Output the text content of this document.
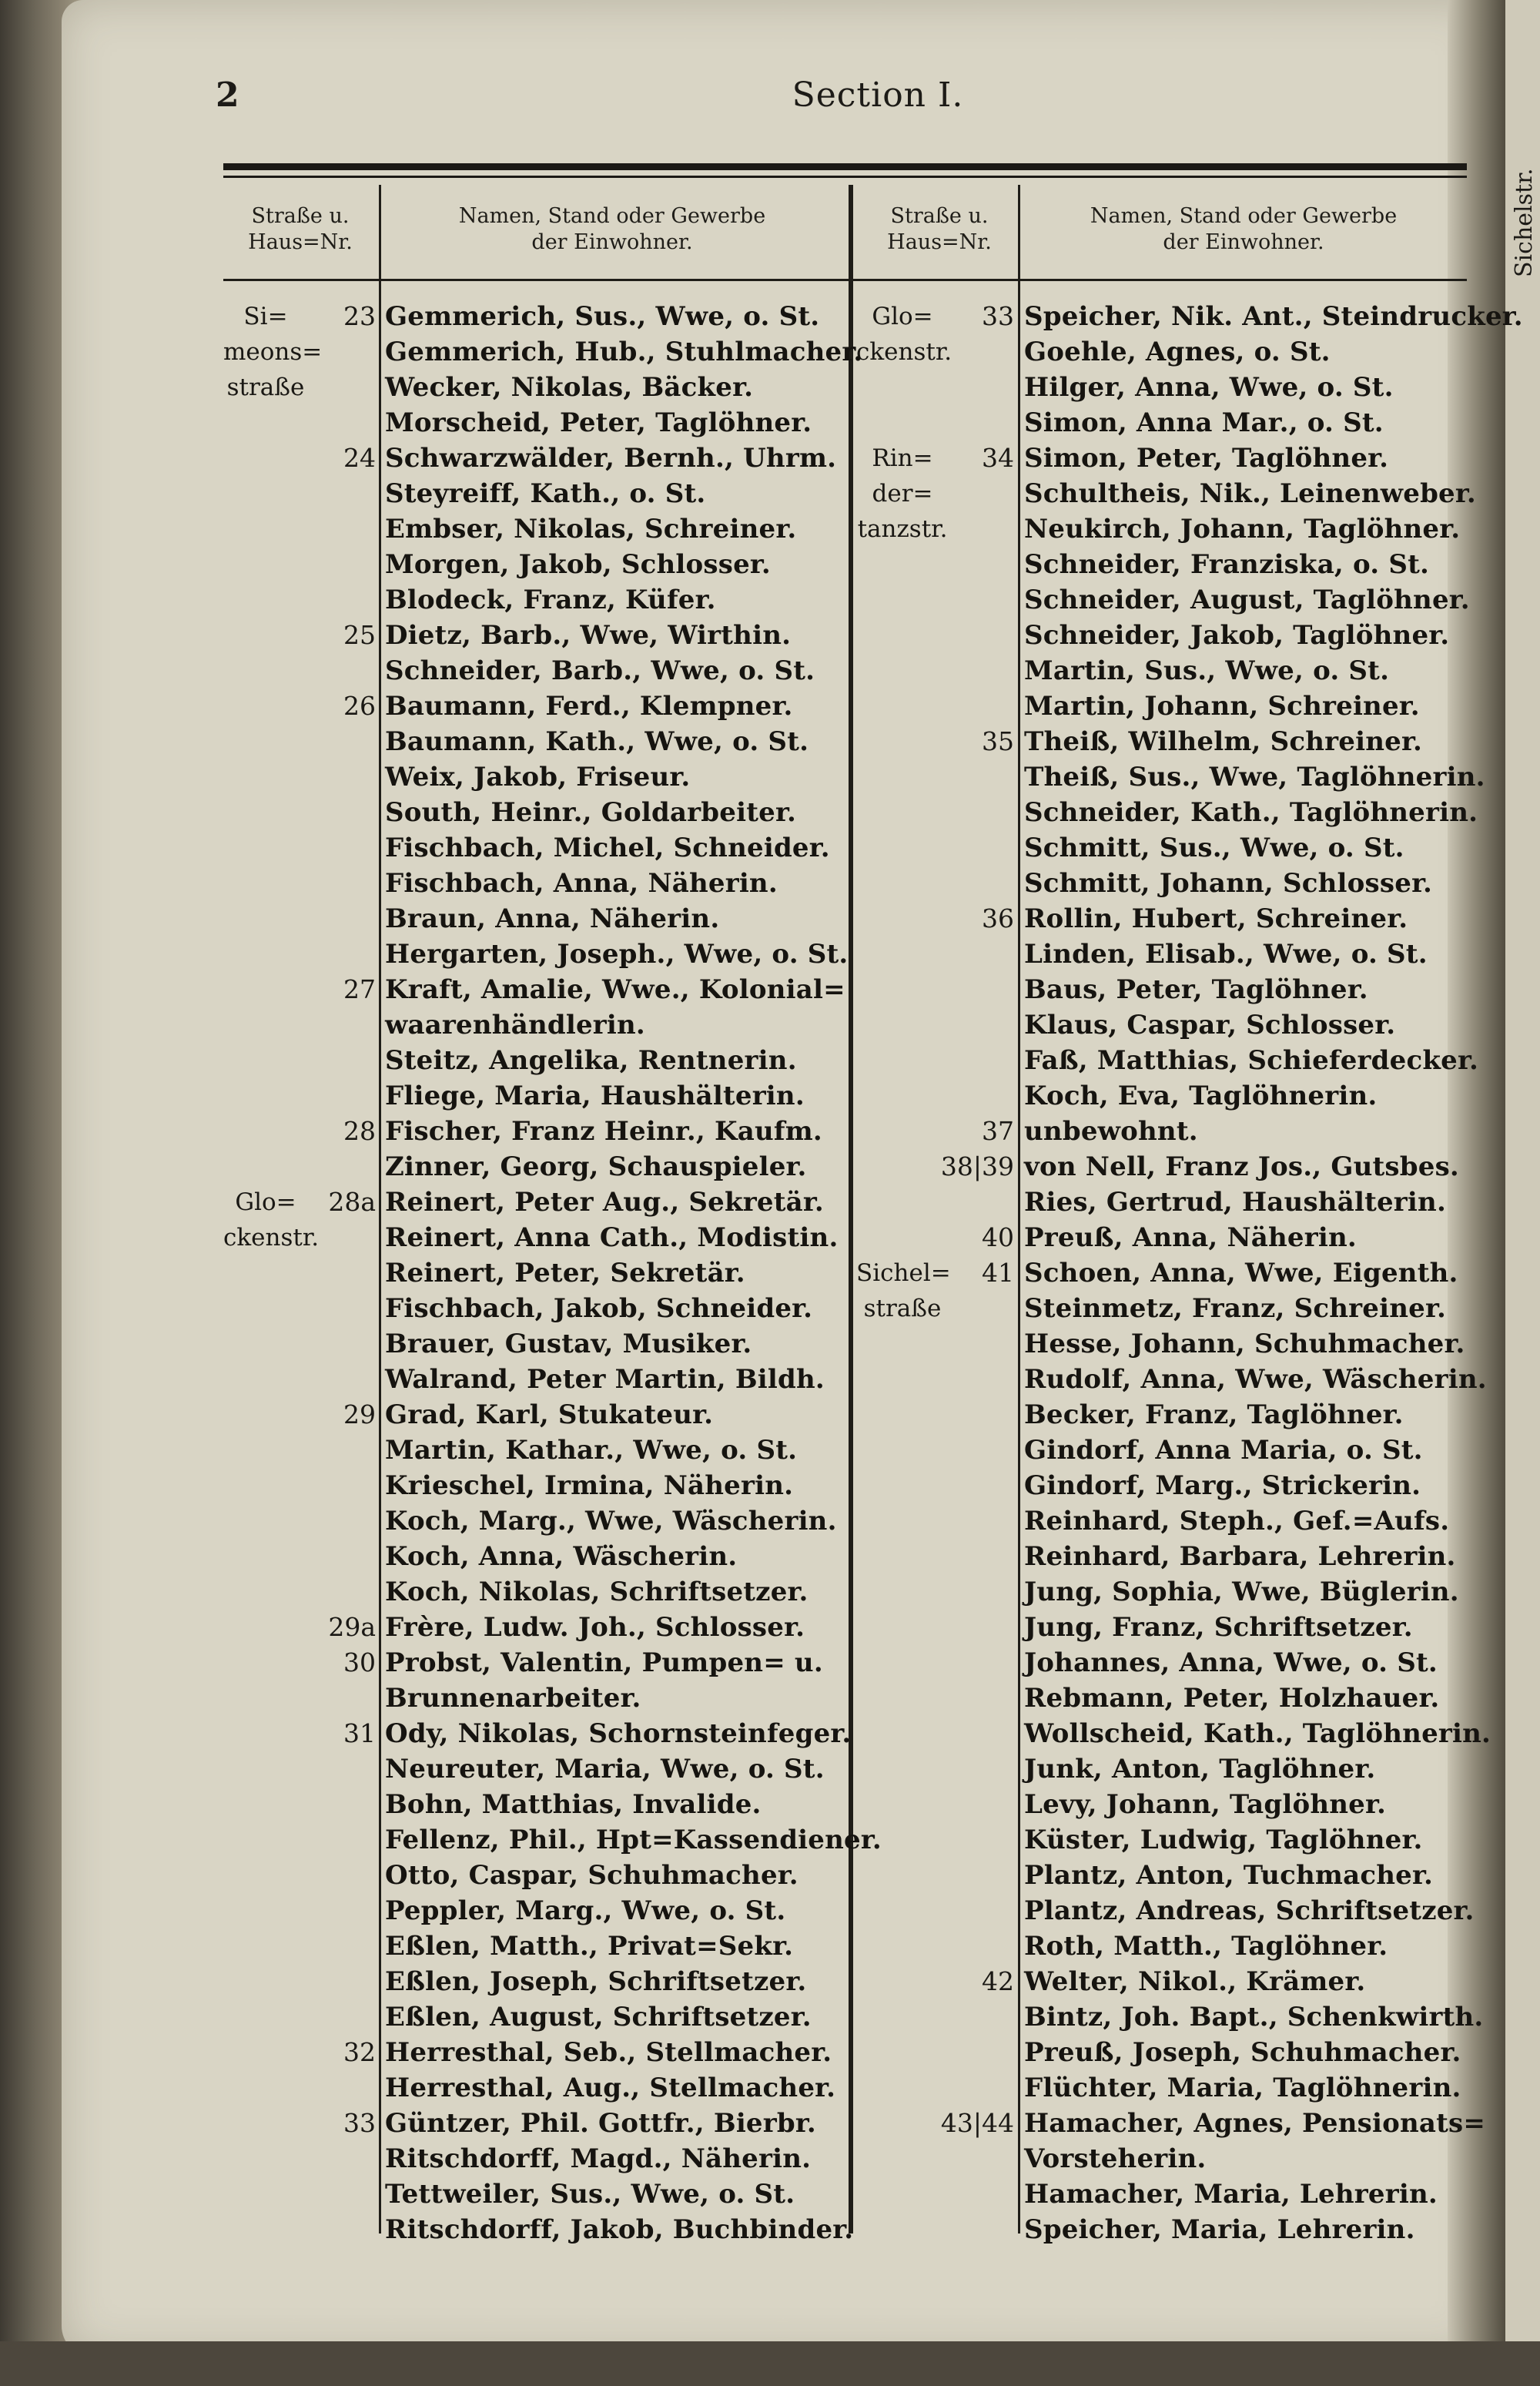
2	Section I.
Straße u.
Haus=Nr.
Namen, Stand oder Gewerbe
der Einwohner.
Straße u.
Haus=Nr.
Namen, Stand oder Gewerbe
der Einwohner.
Si=	23 Gemmerich, Sus., Wwe, o. St.
meons= Gemmerich, Hub., Stuhlmacher.
straße	Wecker, Nikolas, Bäcker.
Morscheid, Peter, Taglöhner.
24 Schwarzwälder, Bernh., Uhrm.
Steyreiff, Kath., o. St.
Embser, Nikolas, Schreiner.
Morgen, Jakob, Schlosser.
Blodeck, Franz, Küfer.
25 Dietz, Barb., Wwe, Wirthin.
Schneider, Barb., Wwe, o. St.
26 Baumann, Ferd., Klempner.
Baumann, Kath., Wwe, o. St.
Weix, Jakob, Friseur.
South, Heinr., Goldarbeiter.
Fischbach, Michel, Schneider.
Fischbach, Anna, Näherin.
Braun, Anna, Näherin.
Hergarten, Joseph., Wwe, o. St.
27 Kraft, Amalie, Wwe., Kolonial=
waarenhändlerin.
Steitz, Angelika, Rentnerin.
Fliege, Maria, Haushälterin.
28 Fischer, Franz Heinr., Kaufm.
Zinner, Georg, Schauspieler.
Glo=	28a Reinert, Peter Aug., Sekretär.
ckenstr.	Reinert, Anna Cath., Modistin.
Reinert, Peter, Sekretär.
Fischbach, Jakob, Schneider.
Brauer, Gustav, Musiker.
Walrand, Peter Martin, Bildh.
29 Grad, Karl, Stukateur.
Martin, Kathar., Wwe, o. St.
Krieschel, Irmina, Näherin.
Koch, Marg., Wwe, Wäscherin.
Koch, Anna, Wäscherin.
Koch, Nikolas, Schriftsetzer.
29a Frère, Ludw. Joh., Schlosser.
30 Probst, Valentin, Pumpen= u.
Brunnenarbeiter.
31 Ody, Nikolas, Schornsteinfeger.
Neureuter, Maria, Wwe, o. St.
Bohn, Matthias, Invalide.
Fellenz, Phil., Hpt=Kassendiener.
Otto, Caspar, Schuhmacher.
Peppler, Marg., Wwe, o. St.
Eßlen, Matth., Privat=Sekr.
Eßlen, Joseph, Schriftsetzer.
Eßlen, August, Schriftsetzer.
32 Herresthal, Seb., Stellmacher.
Herresthal, Aug., Stellmacher.
33 Güntzer, Phil. Gottfr., Bierbr.
Ritschdorff, Magd., Näherin.
Tettweiler, Sus., Wwe, o. St.
Ritschdorff, Jakob, Buchbinder.
Glo=	33 Speicher, Nik. Ant., Steindrucker.
ckenstr.	Goehle, Agnes, o. St.
Hilger, Anna, Wwe, o. St.
Simon, Anna Mar., o. St.
Rin=	34 Simon, Peter, Taglöhner.
der=	Schultheis, Nik., Leinenweber.
tanzstr.	Neukirch, Johann, Taglöhner.
Schneider, Franziska, o. St.
Schneider, August, Taglöhner.
Schneider, Jakob, Taglöhner.
Martin, Sus., Wwe, o. St.
Martin, Johann, Schreiner.
35 Theiß, Wilhelm, Schreiner.
Theiß, Sus., Wwe, Taglöhnerin.
Schneider, Kath., Taglöhnerin.
Schmitt, Sus., Wwe, o. St.
Schmitt, Johann, Schlosser.
36 Rollin, Hubert, Schreiner.
Linden, Elisab., Wwe, o. St.
Baus, Peter, Taglöhner.
Klaus, Caspar, Schlosser.
Faß, Matthias, Schieferdecker.
Koch, Eva, Taglöhnerin.
37 unbewohnt.
38|39 von Nell, Franz Jos., Gutsbes.
Ries, Gertrud, Haushälterin.
40 Preuß, Anna, Näherin.
Sichel=	41 Schoen, Anna, Wwe, Eigenth.
straße	Steinmetz, Franz, Schreiner.
Hesse, Johann, Schuhmacher.
Rudolf, Anna, Wwe, Wäscherin.
Becker, Franz, Taglöhner.
Gindorf, Anna Maria, o. St.
Gindorf, Marg., Strickerin.
Reinhard, Steph., Gef.=Aufs.
Reinhard, Barbara, Lehrerin.
Jung, Sophia, Wwe, Büglerin.
Jung, Franz, Schriftsetzer.
Johannes, Anna, Wwe, o. St.
Rebmann, Peter, Holzhauer.
Wollscheid, Kath., Taglöhnerin.
Junk, Anton, Taglöhner.
Levy, Johann, Taglöhner.
Küster, Ludwig, Taglöhner.
Plantz, Anton, Tuchmacher.
Plantz, Andreas, Schriftsetzer.
Roth, Matth., Taglöhner.
42 Welter, Nikol., Krämer.
Bintz, Joh. Bapt., Schenkwirth.
Preuß, Joseph, Schuhmacher.
Flüchter, Maria, Taglöhnerin.
43|44 Hamacher, Agnes, Pensionats=
Vorsteherin.
Hamacher, Maria, Lehrerin.
Speicher, Maria, Lehrerin.
Sichelstr.
